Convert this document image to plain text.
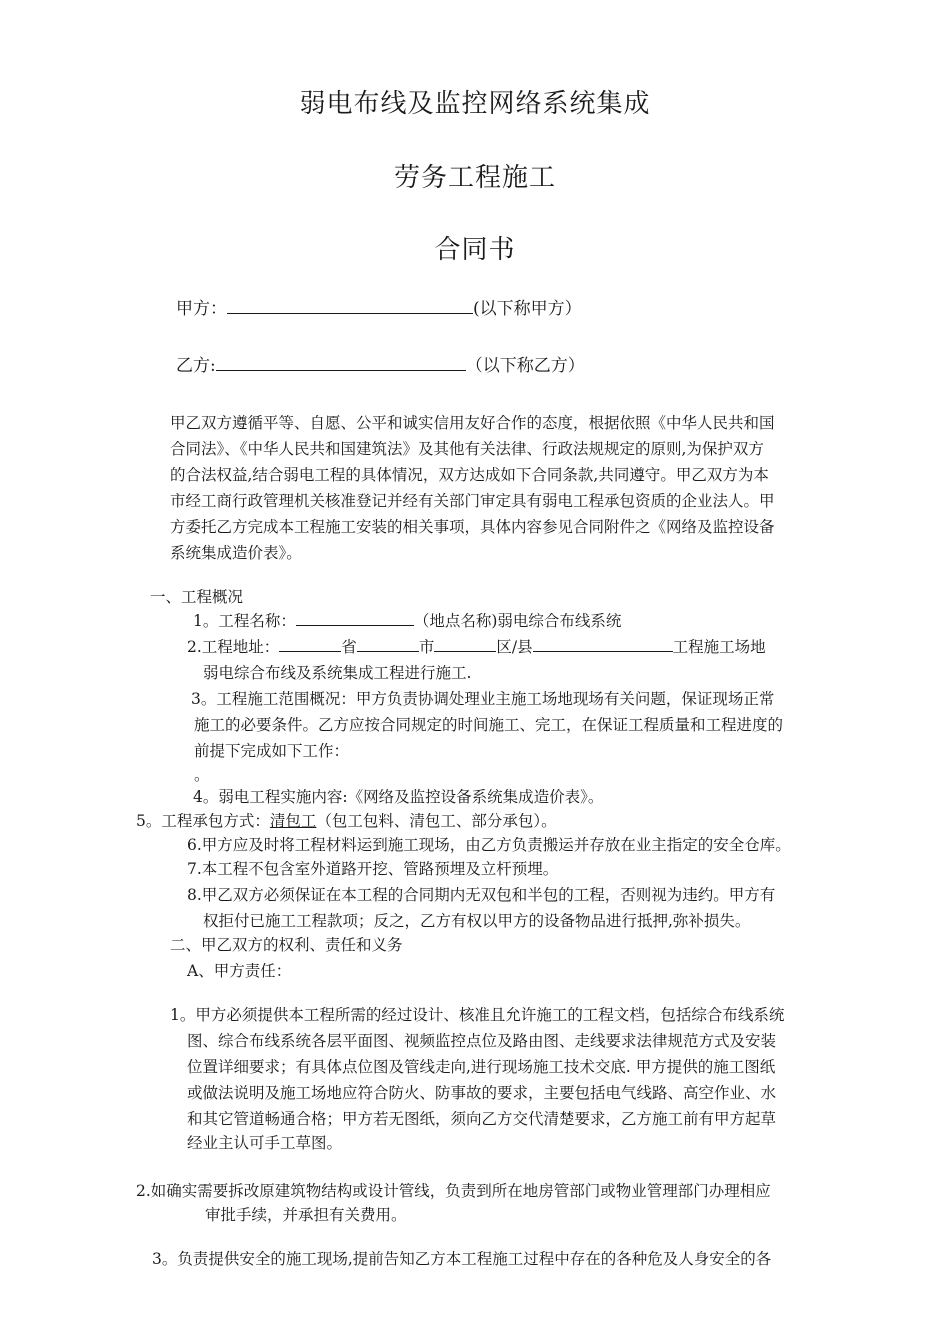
弱电布线及监控网络系统集成
劳务工程施工
合同书
甲方：	(以下称甲方）
乙方:	（以下称乙方）
甲乙双方遵循平等、自愿、公平和诚实信用友好合作的态度，根据依照《中华人民共和国
合同法》、《中华人民共和国建筑法》及其他有关法律、行政法规规定的原则,为保护双方
的合法权益,结合弱电工程的具体情况，双方达成如下合同条款,共同遵守。甲乙双方为本
市经工商行政管理机关核准登记并经有关部门审定具有弱电工程承包资质的企业法人。甲
方委托乙方完成本工程施工安装的相关事项，具体内容参见合同附件之《网络及监控设备
系统集成造价表》。
一、工程概况
1。工程名称：	（地点名称)弱电综合布线系统
2.工程地址：	省	市	区/县	工程施工场地
弱电综合布线及系统集成工程进行施工.
3。工程施工范围概况：甲方负责协调处理业主施工场地现场有关问题，保证现场正常
施工的必要条件。乙方应按合同规定的时间施工、完工，在保证工程质量和工程进度的
前提下完成如下工作：
。
4。弱电工程实施内容:《网络及监控设备系统集成造价表》。
5。工程承包方式：清包工（包工包料、清包工、部分承包）。
6.甲方应及时将工程材料运到施工现场，由乙方负责搬运并存放在业主指定的安全仓库。
7.本工程不包含室外道路开挖、管路预埋及立杆预埋。
8.甲乙双方必须保证在本工程的合同期内无双包和半包的工程，否则视为违约。甲方有
权拒付已施工工程款项；反之，乙方有权以甲方的设备物品进行抵押,弥补损失。
二、甲乙双方的权利、责任和义务
A、甲方责任：
1。甲方必须提供本工程所需的经过设计、核准且允许施工的工程文档，包括综合布线系统
图、综合布线系统各层平面图、视频监控点位及路由图、走线要求法律规范方式及安装
位置详细要求；有具体点位图及管线走向,进行现场施工技术交底. 甲方提供的施工图纸
或做法说明及施工场地应符合防火、防事故的要求，主要包括电气线路、高空作业、水
和其它管道畅通合格；甲方若无图纸，须向乙方交代清楚要求，乙方施工前有甲方起草
经业主认可手工草图。
2.如确实需要拆改原建筑物结构或设计管线，负责到所在地房管部门或物业管理部门办理相应
审批手续，并承担有关费用。
3。负责提供安全的施工现场,提前告知乙方本工程施工过程中存在的各种危及人身安全的各
